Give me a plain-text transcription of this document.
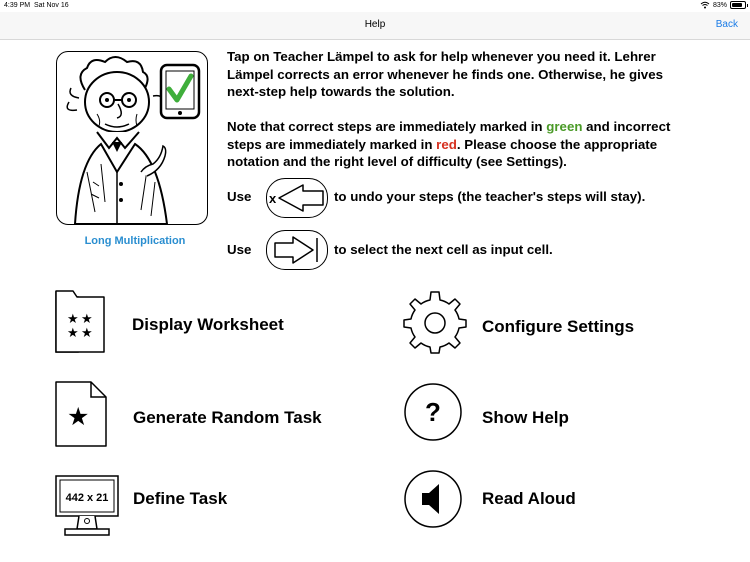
4:39 PM Sat Nov 16	83%
Help	Back
Long Multiplication
Tap on Teacher Lämpel to ask for help whenever you need it. Lehrer
Lämpel corrects an error whenever he finds one. Otherwise, he gives
next-step help towards the solution.
Note that correct steps are immediately marked in green and incorrect
steps are immediately marked in red. Please choose the appropriate
notation and the right level of difficulty (see Settings).
Use x	to undo your steps (the teacher's steps will stay).
Use	to select the next cell as input cell.
★ ★
★ ★ Display Worksheet	Configure Settings
★	Generate Random Task	? Show Help
442 x 21 Define Task	Read Aloud
